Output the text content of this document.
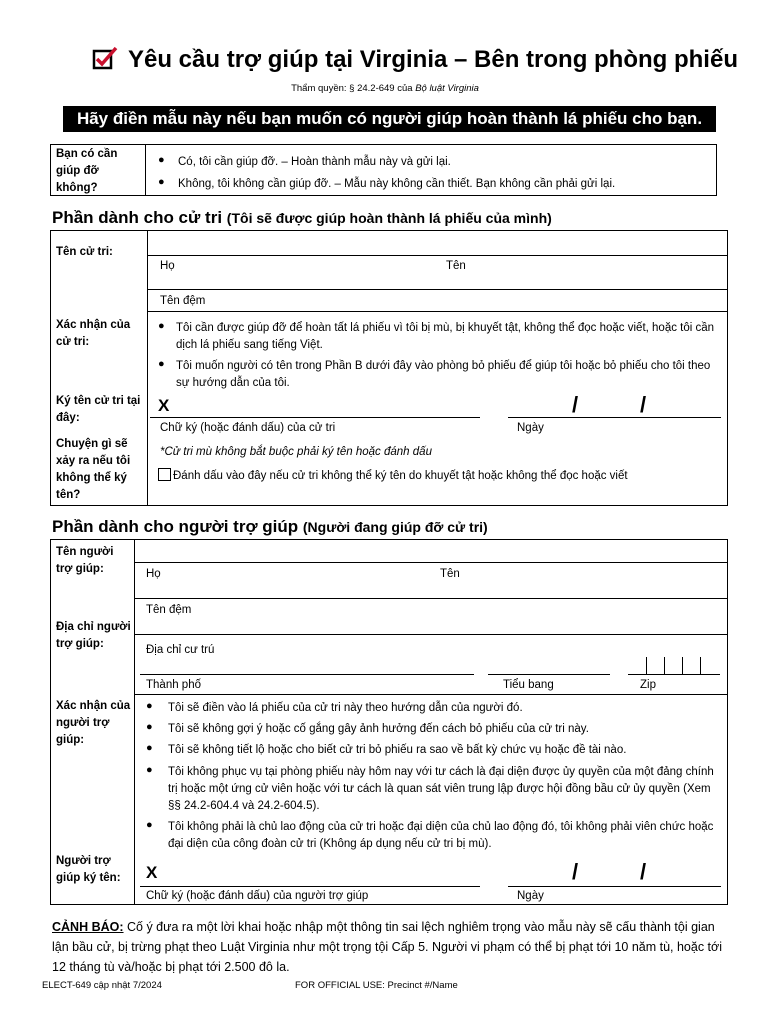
Yêu cầu trợ giúp tại Virginia – Bên trong phòng phiếu
Thẩm quyền: § 24.2-649 của Bộ luật Virginia
Hãy điền mẫu này nếu bạn muốn có người giúp hoàn thành lá phiếu cho bạn.
Bạn có cần giúp đỡ không?
● Có, tôi cần giúp đỡ. – Hoàn thành mẫu này và gửi lại.
● Không, tôi không cần giúp đỡ. – Mẫu này không cần thiết. Bạn không cần phải gửi lại.
Phần dành cho cử tri (Tôi sẽ được giúp hoàn thành lá phiếu của mình)
Tên cử tri:
Họ	Tên
Tên đệm
Xác nhận của cử tri:
● Tôi cần được giúp đỡ để hoàn tất lá phiếu vì tôi bị mù, bị khuyết tật, không thể đọc hoặc viết, hoặc tôi cần dịch lá phiếu sang tiếng Việt.
● Tôi muốn người có tên trong Phần B dưới đây vào phòng bỏ phiếu để giúp tôi hoặc bỏ phiếu cho tôi theo sự hướng dẫn của tôi.
Ký tên cử tri tại đây:
X	/	/
Chữ ký (hoặc đánh dấu) của cử tri	Ngày
Chuyện gì sẽ xảy ra nếu tôi không thể ký tên?
*Cử tri mù không bắt buộc phải ký tên hoặc đánh dấu
Đánh dấu vào đây nếu cử tri không thể ký tên do khuyết tật hoặc không thể đọc hoặc viết
Phần dành cho người trợ giúp (Người đang giúp đỡ cử tri)
Tên người trợ giúp:	Họ	Tên
Tên đệm
Địa chỉ người trợ giúp:	Địa chỉ cư trú
Thành phố	Tiểu bang	Zip
Xác nhận của người trợ giúp:
● Tôi sẽ điền vào lá phiếu của cử tri này theo hướng dẫn của người đó.
● Tôi sẽ không gợi ý hoặc cố gắng gây ảnh hưởng đến cách bỏ phiếu của cử tri này.
● Tôi sẽ không tiết lộ hoặc cho biết cử tri bỏ phiếu ra sao về bất kỳ chức vụ hoặc đề tài nào.
● Tôi không phục vụ tại phòng phiếu này hôm nay với tư cách là đại diện được ủy quyền của một đảng chính trị hoặc một ứng cử viên hoặc với tư cách là quan sát viên trung lập được hội đồng bầu cử ủy quyền (Xem §§ 24.2-604.4 và 24.2-604.5).
● Tôi không phải là chủ lao động của cử tri hoặc đại diện của chủ lao động đó, tôi không phải viên chức hoặc đại diện của công đoàn cử tri (Không áp dụng nếu cử tri bị mù).
Người trợ giúp ký tên:	X	/	/
Chữ ký (hoặc đánh dấu) của người trợ giúp	Ngày
CẢNH BÁO: Cố ý đưa ra một lời khai hoặc nhập một thông tin sai lệch nghiêm trọng vào mẫu này sẽ cấu thành tội gian lận bầu cử, bị trừng phạt theo Luật Virginia như một trọng tội Cấp 5. Người vi phạm có thể bị phạt tới 10 năm tù, hoặc tới 12 tháng tù và/hoặc bị phạt tới 2.500 đô la.
ELECT-649 cập nhật 7/2024	FOR OFFICIAL USE: Precinct #/Name
